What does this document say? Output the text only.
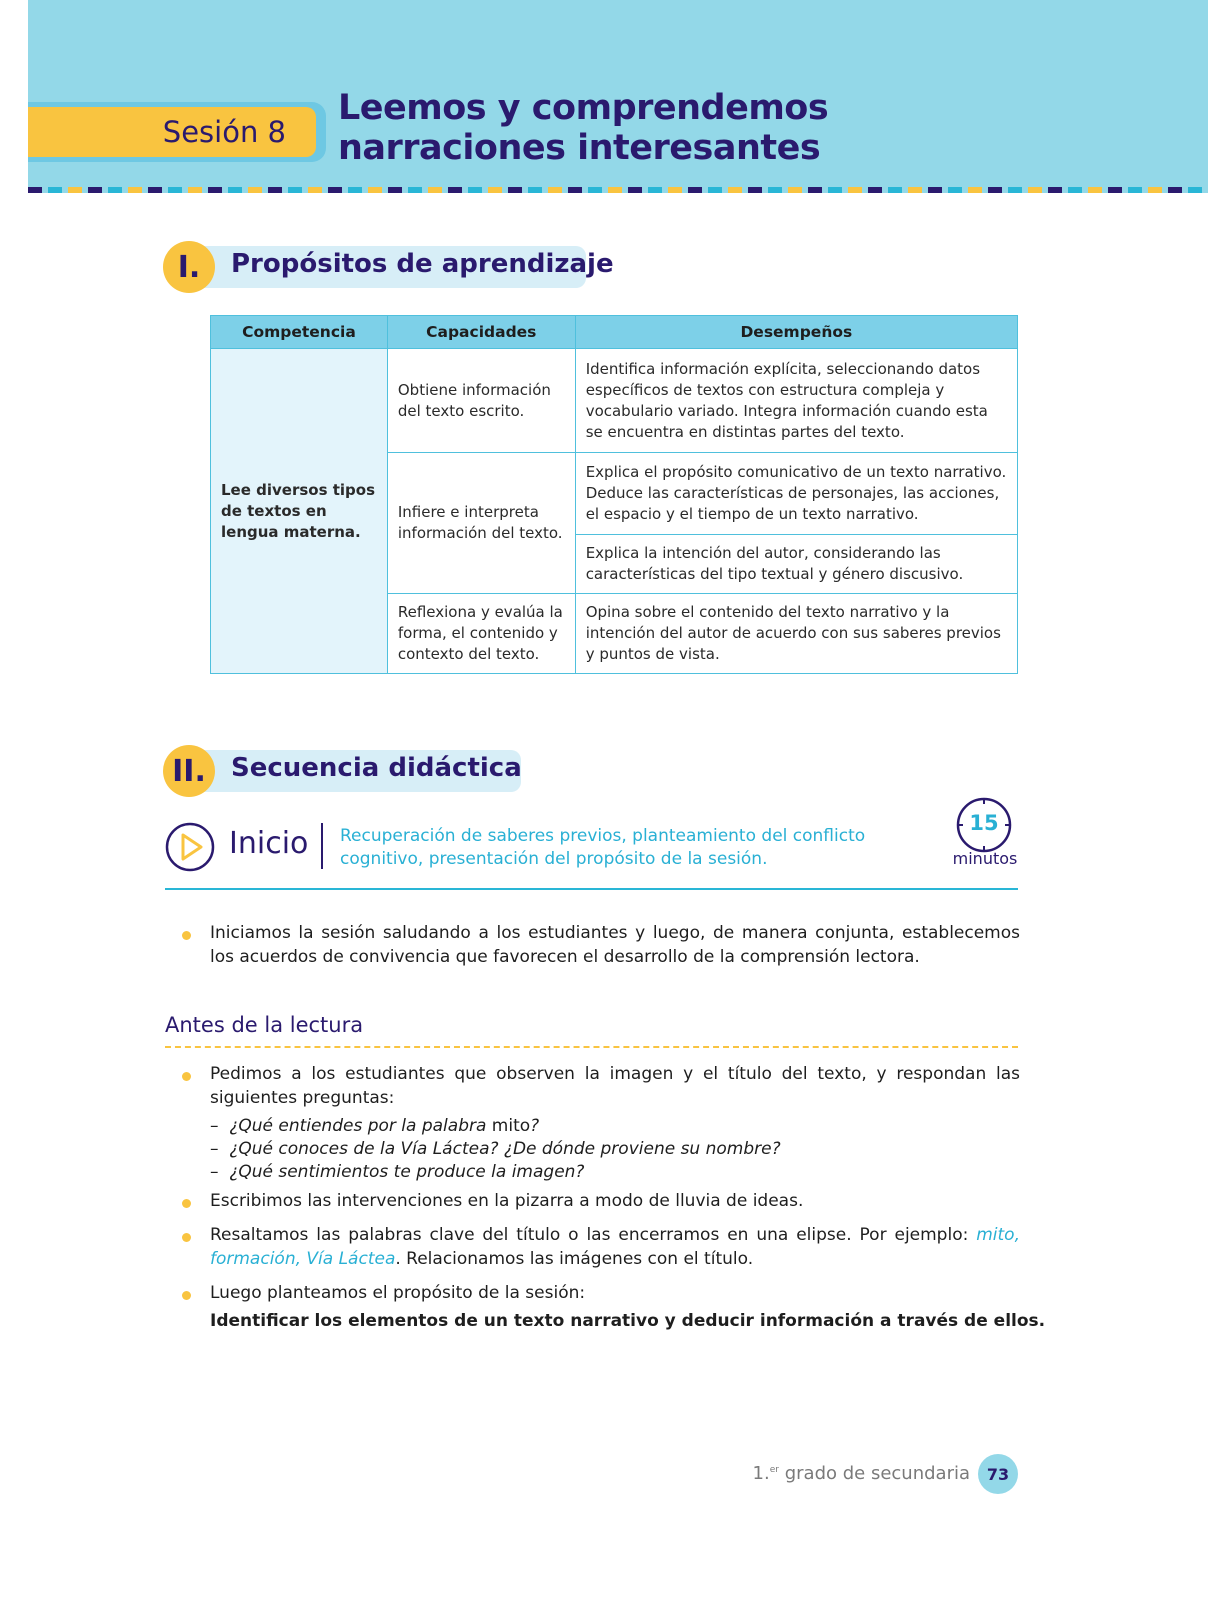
Sesión 8
Leemos y comprendemos
narraciones interesantes
I.	Propósitos de aprendizaje
Competencia	Capacidades	Desempeños
Lee diversos tipos de textos en lengua materna.	Obtiene información del texto escrito.	Identifica información explícita, seleccionando datos específicos de textos con estructura compleja y vocabulario variado. Integra información cuando esta se encuentra en distintas partes del texto.
	Infiere e interpreta información del texto.	Explica el propósito comunicativo de un texto narrativo. Deduce las características de personajes, las acciones, el espacio y el tiempo de un texto narrativo.
		Explica la intención del autor, considerando las características del tipo textual y género discusivo.
	Reflexiona y evalúa la forma, el contenido y contexto del texto.	Opina sobre el contenido del texto narrativo y la intención del autor de acuerdo con sus saberes previos y puntos de vista.
II. Secuencia didáctica
Inicio Recuperación de saberes previos, planteamiento del conflicto cognitivo, presentación del propósito de la sesión.
15
minutos
Iniciamos la sesión saludando a los estudiantes y luego, de manera conjunta, establecemos los acuerdos de convivencia que favorecen el desarrollo de la comprensión lectora.
Antes de la lectura
Pedimos a los estudiantes que observen la imagen y el título del texto, y respondan las siguientes preguntas:
–  ¿Qué entiendes por la palabra mito?
–  ¿Qué conoces de la Vía Láctea? ¿De dónde proviene su nombre?
–  ¿Qué sentimientos te produce la imagen?
Escribimos las intervenciones en la pizarra a modo de lluvia de ideas.
Resaltamos las palabras clave del título o las encerramos en una elipse. Por ejemplo: mito, formación, Vía Láctea. Relacionamos las imágenes con el título.
Luego planteamos el propósito de la sesión:
Identificar los elementos de un texto narrativo y deducir información a través de ellos.
1.$^{er}$ grado de secundaria	73
